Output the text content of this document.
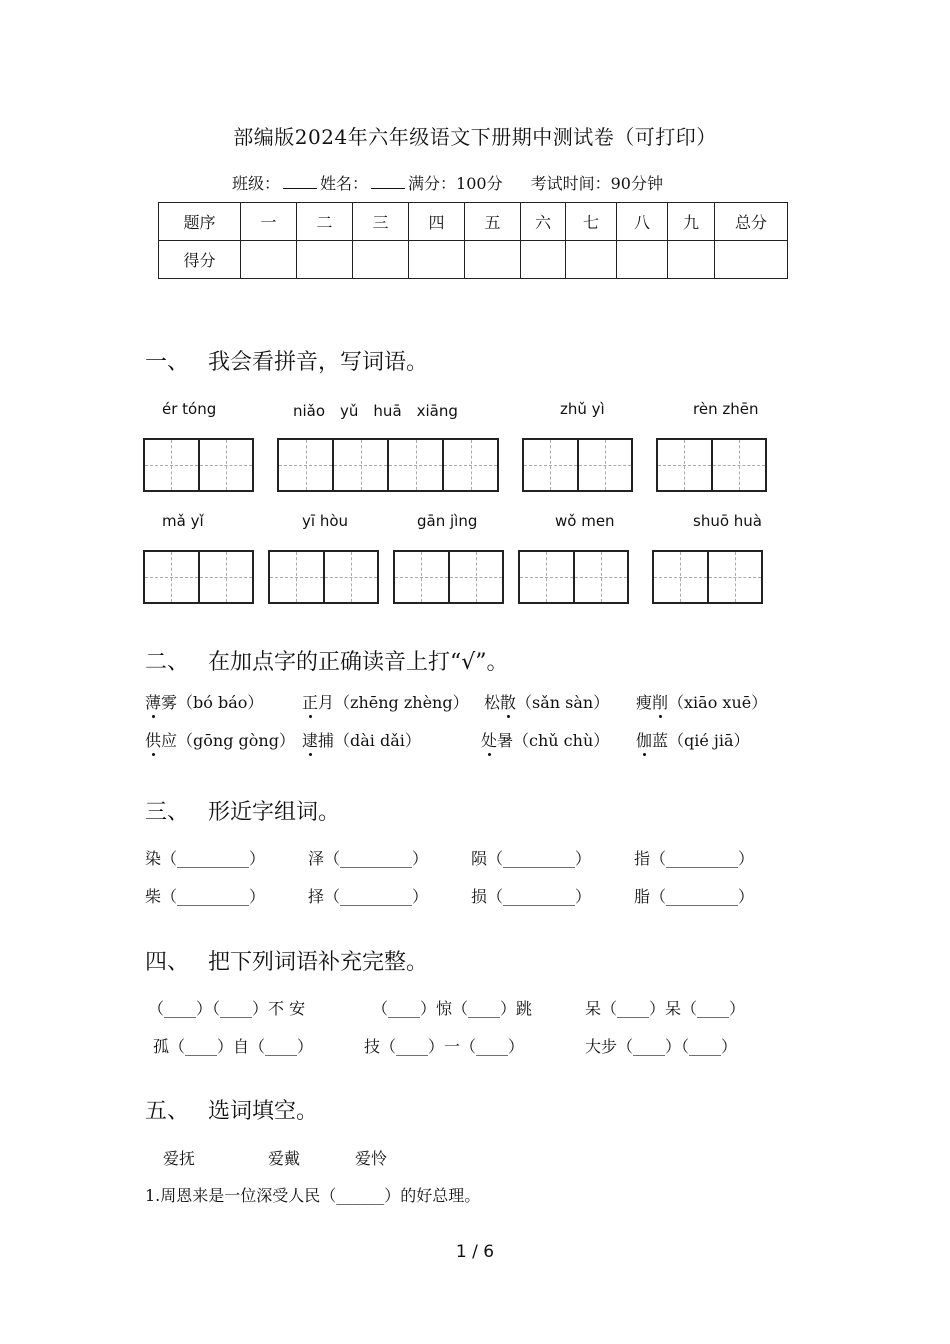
部编版2024年六年级语文下册期中测试卷（可打印）
班级：	姓名：	满分：100分 考试时间：90分钟
题序	一	二	三	四	五	六	七	八	九	总分
得分										
一、 我会看拼音，写词语。
ér tóng	niǎo　yǔ　huā　xiāng	zhǔ yì	rèn zhēn
mǎ yǐ	yī hòu	gān jìng	wǒ men	shuō huà
二、 在加点字的正确读音上打“√”。
薄雾（bó báo） 正月（zhēng zhèng） 松散（sǎn sàn） 瘦削（xiāo xuē）
供应（gōng gòng） 逮捕（dài dǎi）	处暑（chǔ chù） 伽蓝（qié jiā）
三、 形近字组词。
染（_________）	泽（_________）	陨（_________）	指（_________）
柴（_________）	择（_________）	损（_________）	脂（_________）
四、 把下列词语补充完整。
（____）（____）不 安	（____）惊（____）跳	呆（____）呆（____）
孤（____）自（____）	技（____）一（____）	大步（____）（____）
五、 选词填空。
爱抚	爱戴	爱怜
1.周恩来是一位深受人民（______）的好总理。
1 / 6
